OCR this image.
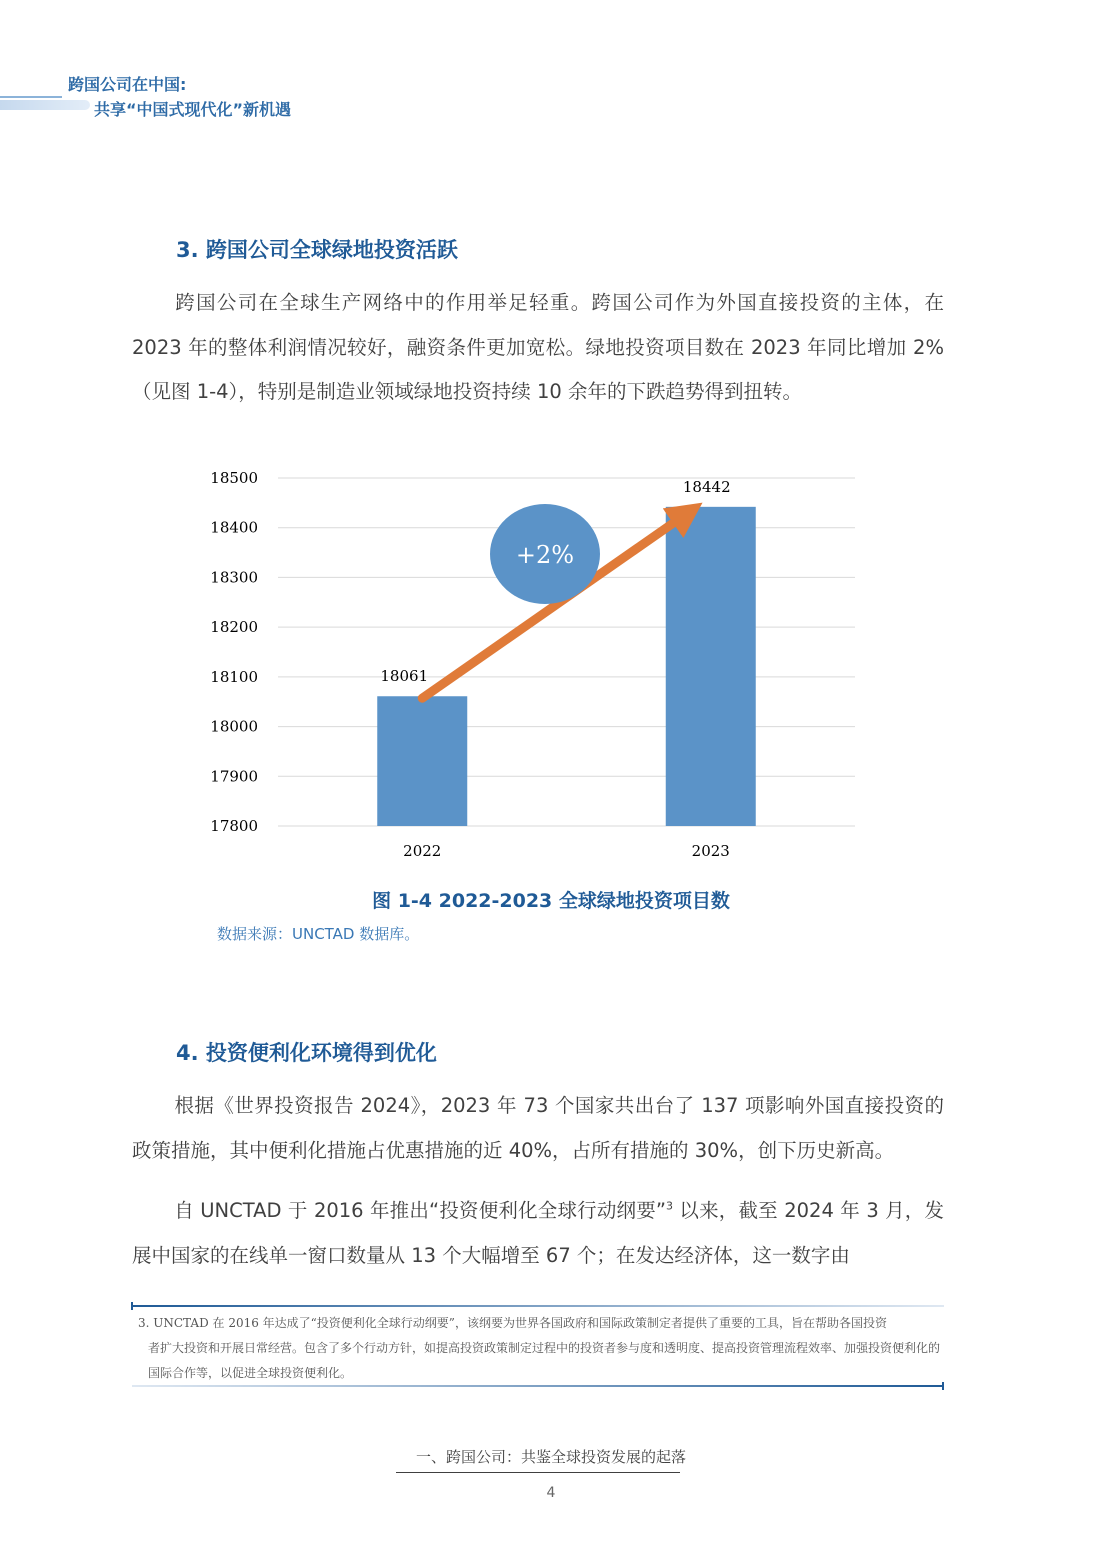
跨国公司在中国:
共享“中国式现代化”新机遇
3. 跨国公司全球绿地投资活跃

跨国公司在全球生产网络中的作用举足轻重。跨国公司作为外国直接投资的主体，在 2023 年的整体利润情况较好，融资条件更加宽松。绿地投资项目数在 2023 年同比增加 2%（见图 1-4），特别是制造业领域绿地投资持续 10 余年的下跌趋势得到扭转。

17800
17900
18000
18100
18200
18300
18400
18500
2022	2023
18061
18442
+2%
图 1-4 2022-2023 全球绿地投资项目数
数据来源：UNCTAD 数据库。
4. 投资便利化环境得到优化

根据《世界投资报告 2024》，2023 年 73 个国家共出台了 137 项影响外国直接投资的政策措施，其中便利化措施占优惠措施的近 40%，占所有措施的 30%，创下历史新高。

自 UNCTAD 于 2016 年推出“投资便利化全球行动纲要”$^3$ 以来，截至 2024 年 3 月，发展中国家的在线单一窗口数量从 13 个大幅增至 67 个；在发达经济体，这一数字由

3. UNCTAD 在 2016 年达成了“投资便利化全球行动纲要”，该纲要为世界各国政府和国际政策制定者提供了重要的工具，旨在帮助各国投资
者扩大投资和开展日常经营。包含了多个行动方针，如提高投资政策制定过程中的投资者参与度和透明度、提高投资管理流程效率、加强投资便利化的国际合作等，以促进全球投资便利化。

一、跨国公司：共鉴全球投资发展的起落
4
